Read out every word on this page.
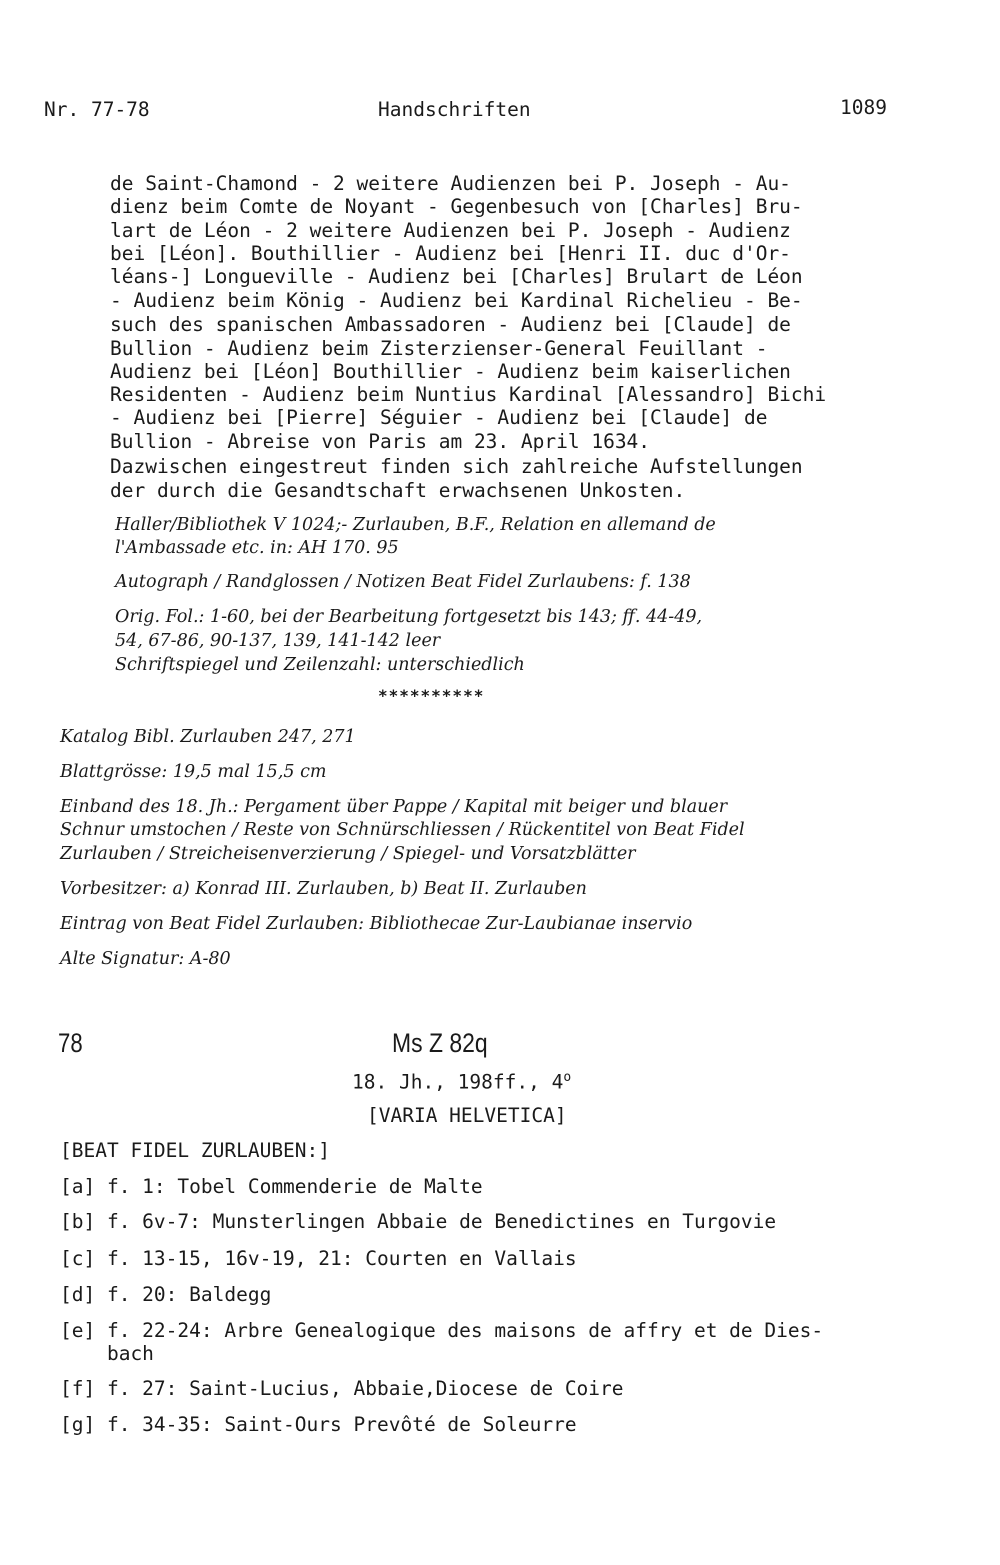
Nr. 77-78	Handschriften	1089
de Saint-Chamond - 2 weitere Audienzen bei P. Joseph - Au-
dienz beim Comte de Noyant - Gegenbesuch von [Charles] Bru-
lart de Léon - 2 weitere Audienzen bei P. Joseph - Audienz
bei [Léon]. Bouthillier - Audienz bei [Henri II. duc d'Or-
léans-] Longueville - Audienz bei [Charles] Brulart de Léon
- Audienz beim König - Audienz bei Kardinal Richelieu - Be-
such des spanischen Ambassadoren - Audienz bei [Claude] de
Bullion - Audienz beim Zisterzienser-General Feuillant -
Audienz bei [Léon] Bouthillier - Audienz beim kaiserlichen
Residenten - Audienz beim Nuntius Kardinal [Alessandro] Bichi
- Audienz bei [Pierre] Séguier - Audienz bei [Claude] de
Bullion - Abreise von Paris am 23. April 1634.
Dazwischen eingestreut finden sich zahlreiche Aufstellungen
der durch die Gesandtschaft erwachsenen Unkosten.
Haller/Bibliothek V 1024;- Zurlauben, B.F., Relation en allemand de
l'Ambassade etc. in: AH 170. 95
Autograph / Randglossen / Notizen Beat Fidel Zurlaubens: f. 138
Orig. Fol.: 1-60, bei der Bearbeitung fortgesetzt bis 143; ff. 44-49,
54, 67-86, 90-137, 139, 141-142 leer
Schriftspiegel und Zeilenzahl: unterschiedlich
**********
Katalog Bibl. Zurlauben 247, 271
Blattgrösse: 19,5 mal 15,5 cm
Einband des 18. Jh.: Pergament über Pappe / Kapital mit beiger und blauer
Schnur umstochen / Reste von Schnürschliessen / Rückentitel von Beat Fidel
Zurlauben / Streicheisenverzierung / Spiegel- und Vorsatzblätter
Vorbesitzer: a) Konrad III. Zurlauben, b) Beat II. Zurlauben
Eintrag von Beat Fidel Zurlauben: Bibliothecae Zur-Laubianae inservio
Alte Signatur: A-80
78	Ms Z 82q
18. Jh., 198ff., 4$^o$
[VARIA HELVETICA]
[BEAT FIDEL ZURLAUBEN:]
[a] f. 1: Tobel Commenderie de Malte
[b] f. 6v-7: Munsterlingen Abbaie de Benedictines en Turgovie
[c] f. 13-15, 16v-19, 21: Courten en Vallais
[d] f. 20: Baldegg
[e] f. 22-24: Arbre Genealogique des maisons de affry et de Dies-
bach
[f] f. 27: Saint-Lucius, Abbaie,Diocese de Coire
[g] f. 34-35: Saint-Ours Prevôté de Soleurre
